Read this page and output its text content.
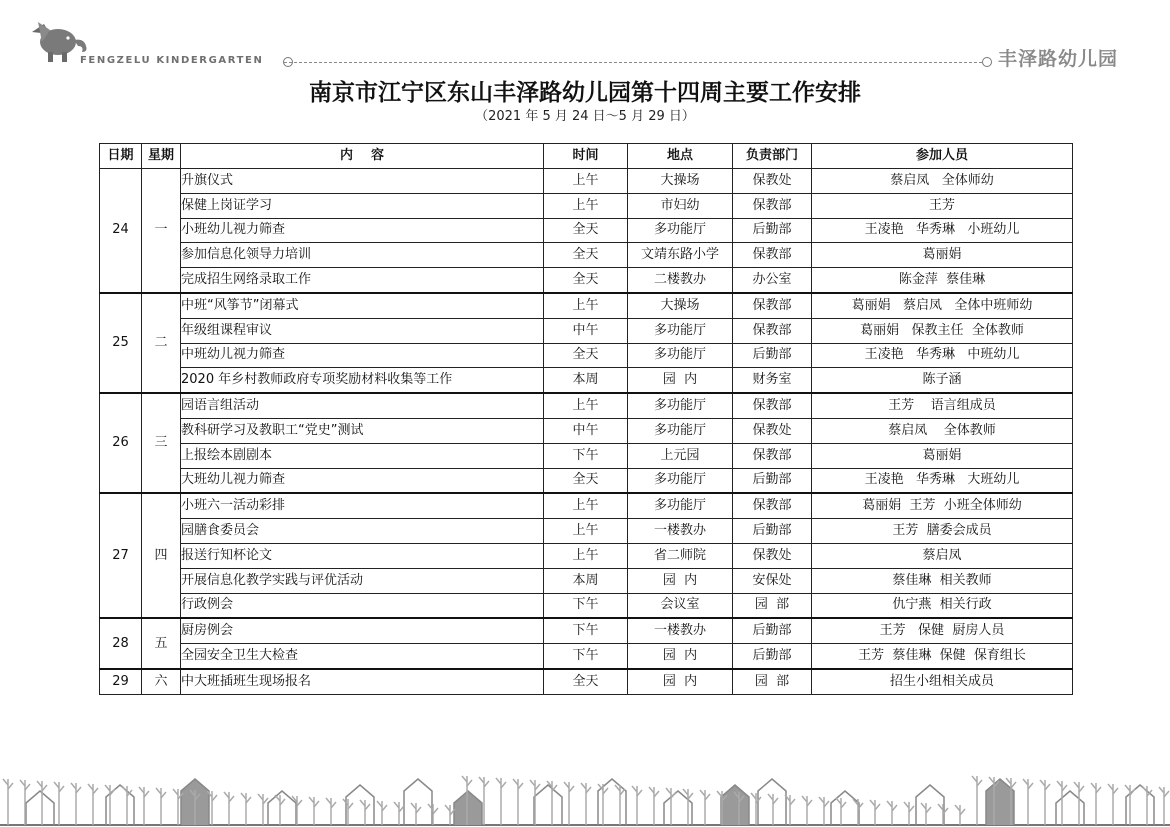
FENGZELU KINDERGARTEN	丰泽路幼儿园
南京市江宁区东山丰泽路幼儿园第十四周主要工作安排
（2021 年 5 月 24 日～5 月 29 日）
日期	星期	内    容	时间	地点	负责部门	参加人员
24	一	升旗仪式	上午	大操场	保教处	蔡启凤   全体师幼
		保健上岗证学习	上午	市妇幼	保教部	王芳
		小班幼儿视力筛查	全天	多功能厅	后勤部	王凌艳   华秀琳   小班幼儿
		参加信息化领导力培训	全天	文靖东路小学	保教部	葛丽娟
		完成招生网络录取工作	全天	二楼教办	办公室	陈金萍  蔡佳琳
25	二	中班“风筝节”闭幕式	上午	大操场	保教部	葛丽娟   蔡启凤   全体中班师幼
		年级组课程审议	中午	多功能厅	保教部	葛丽娟   保教主任  全体教师
		中班幼儿视力筛查	全天	多功能厅	后勤部	王凌艳   华秀琳   中班幼儿
		2020 年乡村教师政府专项奖励材料收集等工作	本周	园  内	财务室	陈子涵
26	三	园语言组活动	上午	多功能厅	保教部	王芳    语言组成员
		教科研学习及教职工“党史”测试	中午	多功能厅	保教处	蔡启凤    全体教师
		上报绘本剧剧本	下午	上元园	保教部	葛丽娟
		大班幼儿视力筛查	全天	多功能厅	后勤部	王凌艳   华秀琳   大班幼儿
27	四	小班六一活动彩排	上午	多功能厅	保教部	葛丽娟  王芳  小班全体师幼
		园膳食委员会	上午	一楼教办	后勤部	王芳  膳委会成员
		报送行知杯论文	上午	省二师院	保教处	蔡启凤
		开展信息化教学实践与评优活动	本周	园  内	安保处	蔡佳琳  相关教师
		行政例会	下午	会议室	园  部	仇宁燕  相关行政
28	五	厨房例会	下午	一楼教办	后勤部	王芳   保健  厨房人员
		全园安全卫生大检查	下午	园  内	后勤部	王芳  蔡佳琳  保健  保育组长
29	六	中大班插班生现场报名	全天	园  内	园  部	招生小组相关成员
